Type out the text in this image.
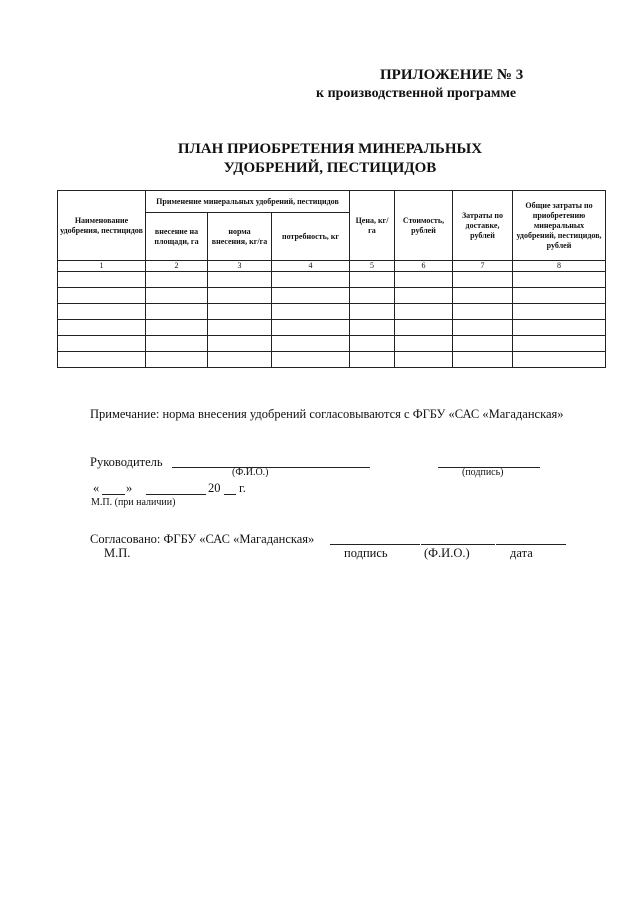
ПРИЛОЖЕНИЕ № 3
к производственной программе
ПЛАН ПРИОБРЕТЕНИЯ МИНЕРАЛЬНЫХ
УДОБРЕНИЙ, ПЕСТИЦИДОВ
Наименование удобрения, пестицидов	Применение минеральных удобрений, пестицидов			Цена, кг/га	Стоимость, рублей	Затраты по доставке, рублей	Общие затраты по приобретению минеральных удобрений, пестицидов, рублей
	внесение на площади, га	норма внесения, кг/га	потребность, кг				
1	2	3	4	5	6	7	8

Примечание: норма внесения удобрений согласовываются с ФГБУ «САС «Магаданская»
Руководитель
(Ф.И.О.)	(подпись)
« »	20 г.
М.П. (при наличии)
Согласовано: ФГБУ «САС «Магаданская»
М.П.	подпись	(Ф.И.О.)	дата
